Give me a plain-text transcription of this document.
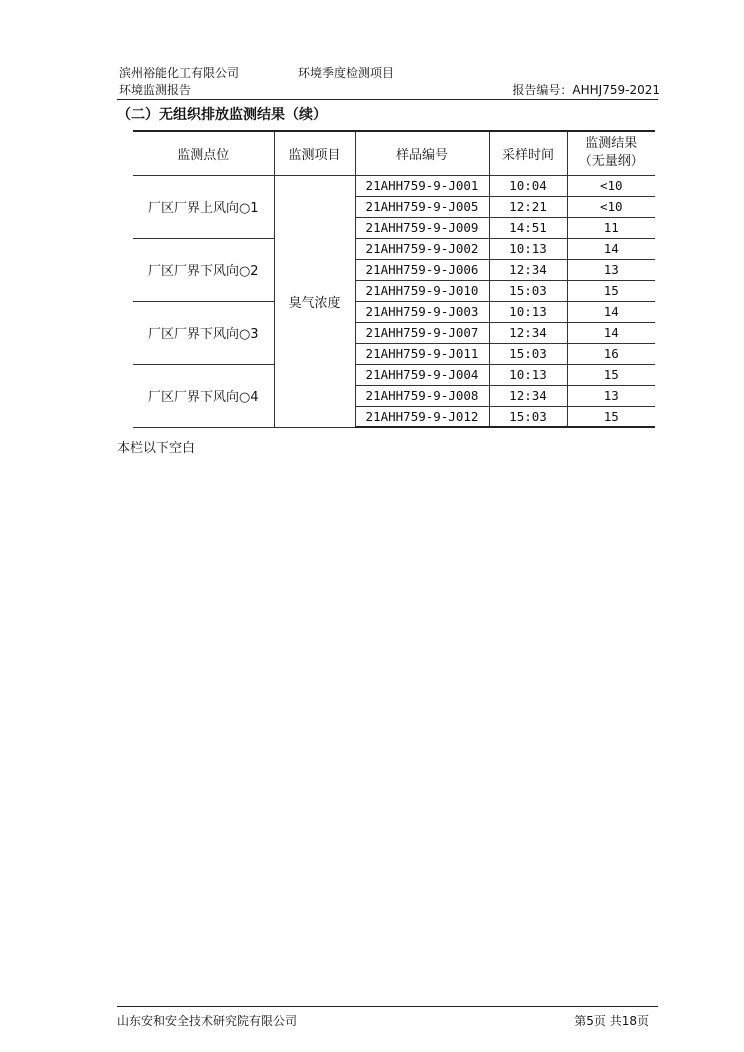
滨州裕能化工有限公司	环境季度检测项目
环境监测报告	报告编号：AHHJ759-2021
（二）无组织排放监测结果（续）
监测点位	监测项目	样品编号	采样时间	监测结果
（无量纲）

厂区厂界上风向○1	臭气浓度	21AHH759-9-J001	10:04	<10
		21AHH759-9-J005	12:21	<10
		21AHH759-9-J009	14:51	11
厂区厂界下风向○2		21AHH759-9-J002	10:13	14
		21AHH759-9-J006	12:34	13
		21AHH759-9-J010	15:03	15
厂区厂界下风向○3		21AHH759-9-J003	10:13	14
		21AHH759-9-J007	12:34	14
		21AHH759-9-J011	15:03	16
厂区厂界下风向○4		21AHH759-9-J004	10:13	15
		21AHH759-9-J008	12:34	13
		21AHH759-9-J012	15:03	15
本栏以下空白
山东安和安全技术研究院有限公司	第5页 共18页
